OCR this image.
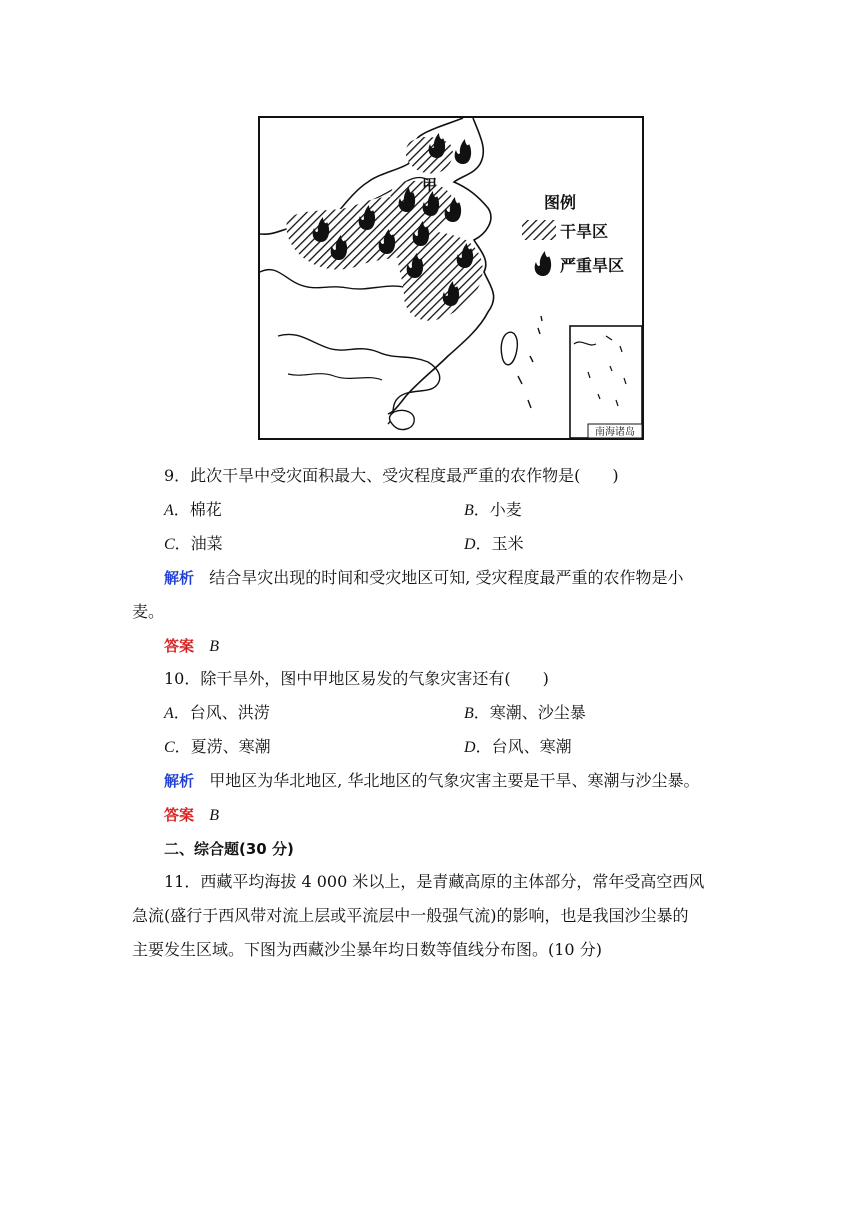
甲
图例
干旱区
严重旱区
南海诸岛
9．此次干旱中受灾面积最大、受灾程度最严重的农作物是(　　)
A．棉花	B．小麦
C．油菜	D．玉米
解析 结合旱灾出现的时间和受灾地区可知, 受灾程度最严重的农作物是小
麦。
答案 B
10．除干旱外，图中甲地区易发的气象灾害还有(　　)
A．台风、洪涝	B．寒潮、沙尘暴
C．夏涝、寒潮	D．台风、寒潮
解析 甲地区为华北地区, 华北地区的气象灾害主要是干旱、寒潮与沙尘暴。
答案 B
二、综合题(30 分)
11．西藏平均海拔 4 000 米以上，是青藏高原的主体部分，常年受高空西风
急流(盛行于西风带对流上层或平流层中一般强气流)的影响，也是我国沙尘暴的
主要发生区域。下图为西藏沙尘暴年均日数等值线分布图。(10 分)
